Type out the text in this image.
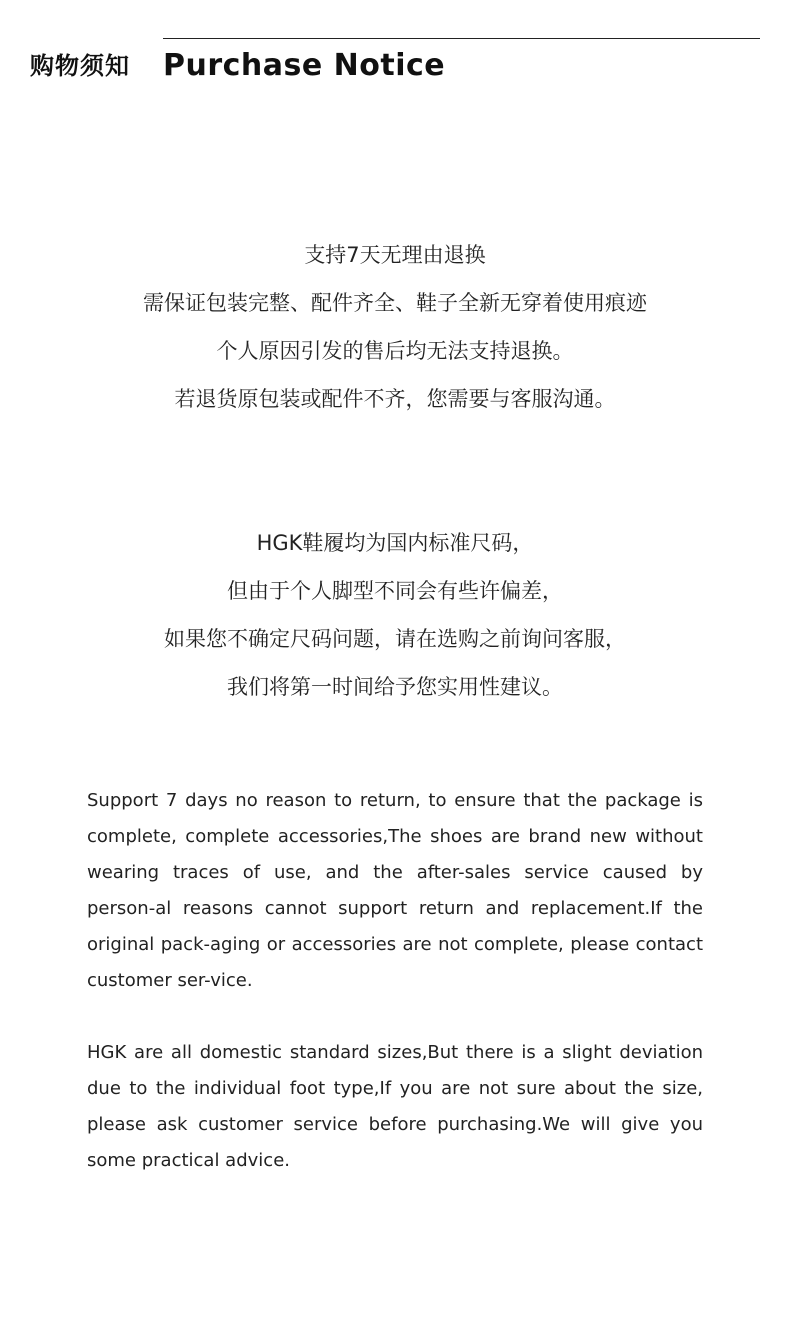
购物须知 Purchase Notice
支持7天无理由退换
需保证包装完整、配件齐全、鞋子全新无穿着使用痕迹
个人原因引发的售后均无法支持退换。
若退货原包装或配件不齐，您需要与客服沟通。
HGK鞋履均为国内标准尺码，
但由于个人脚型不同会有些许偏差，
如果您不确定尺码问题，请在选购之前询问客服，
我们将第一时间给予您实用性建议。

Support 7 days no reason to return, to ensure that the package is complete, complete accessories,The shoes are brand new without wearing traces of use, and the after-sales service caused by person-al reasons cannot support return and replacement.If the original pack-aging or accessories are not complete, please contact customer ser-vice.

HGK are all domestic standard sizes,But there is a slight deviation due to the individual foot type,If you are not sure about the size, please ask customer service before purchasing.We will give you some practical advice.
